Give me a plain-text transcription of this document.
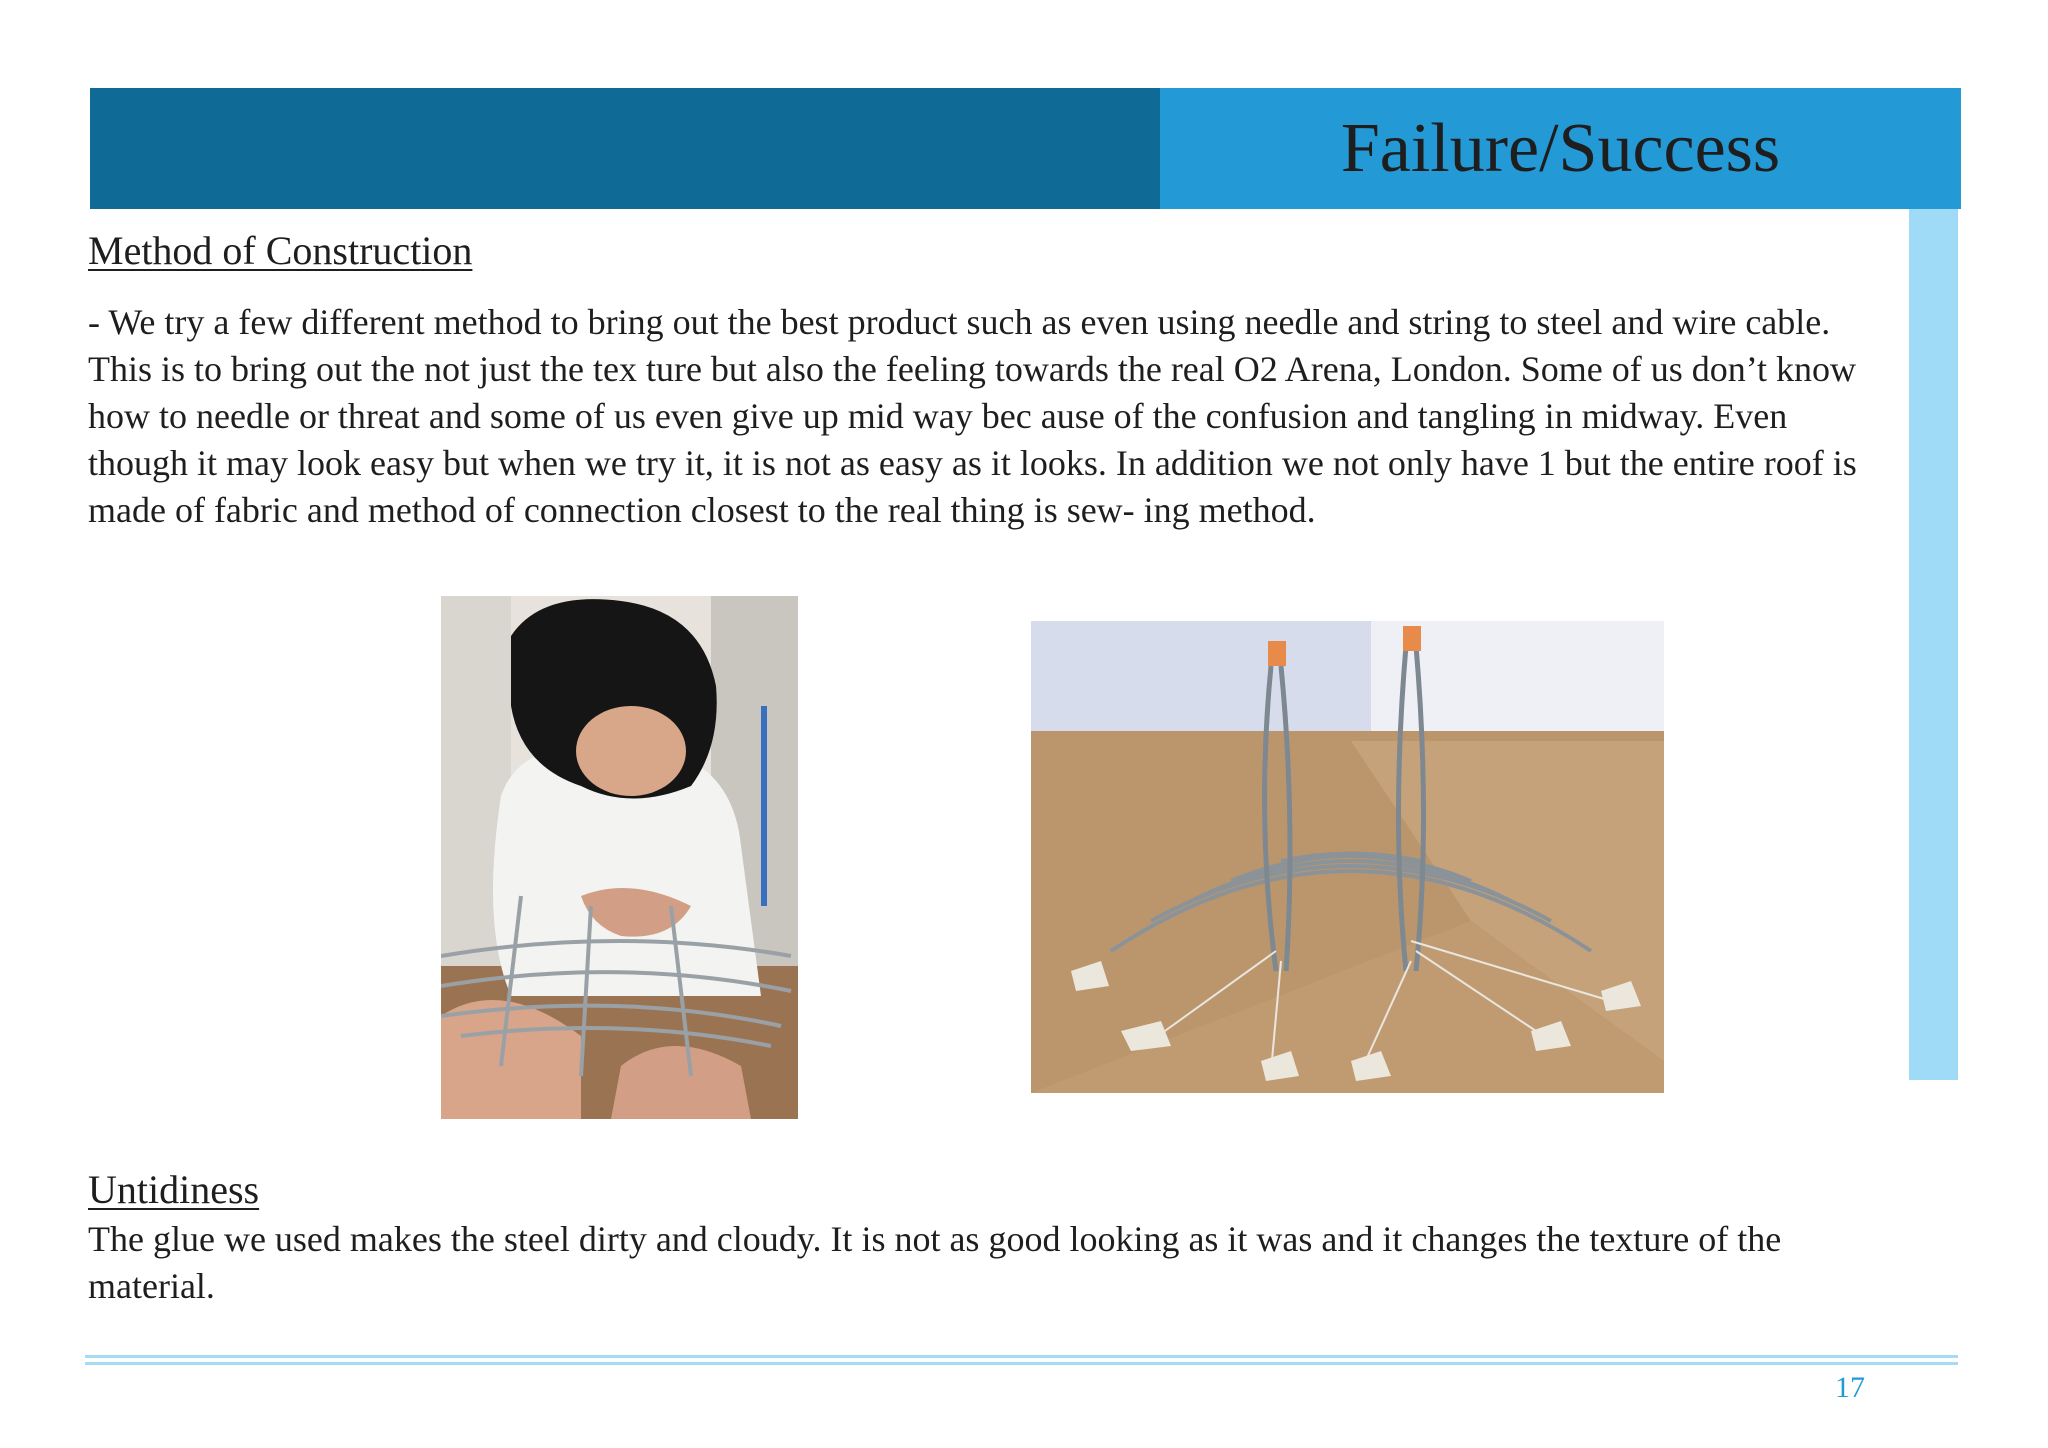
Failure/Success
Method of Construction

- We try a few different method to bring out the best product such as even using needle and string to steel and wire cable. This is to bring out the not just the tex ture but also the feeling towards the real O2 Arena, London. Some of us don’t know how to needle or threat and some of us even give up mid way bec ause of the confusion and tangling in midway. Even though it may look easy but when we try it, it is not as easy as it looks. In addition we not only have 1 but the entire roof is made of fabric and method of connection closest to the real thing is sew- ing method.

Untidiness

The glue we used makes the steel dirty and cloudy. It is not as good looking as it was and it changes the texture of the material.

17
